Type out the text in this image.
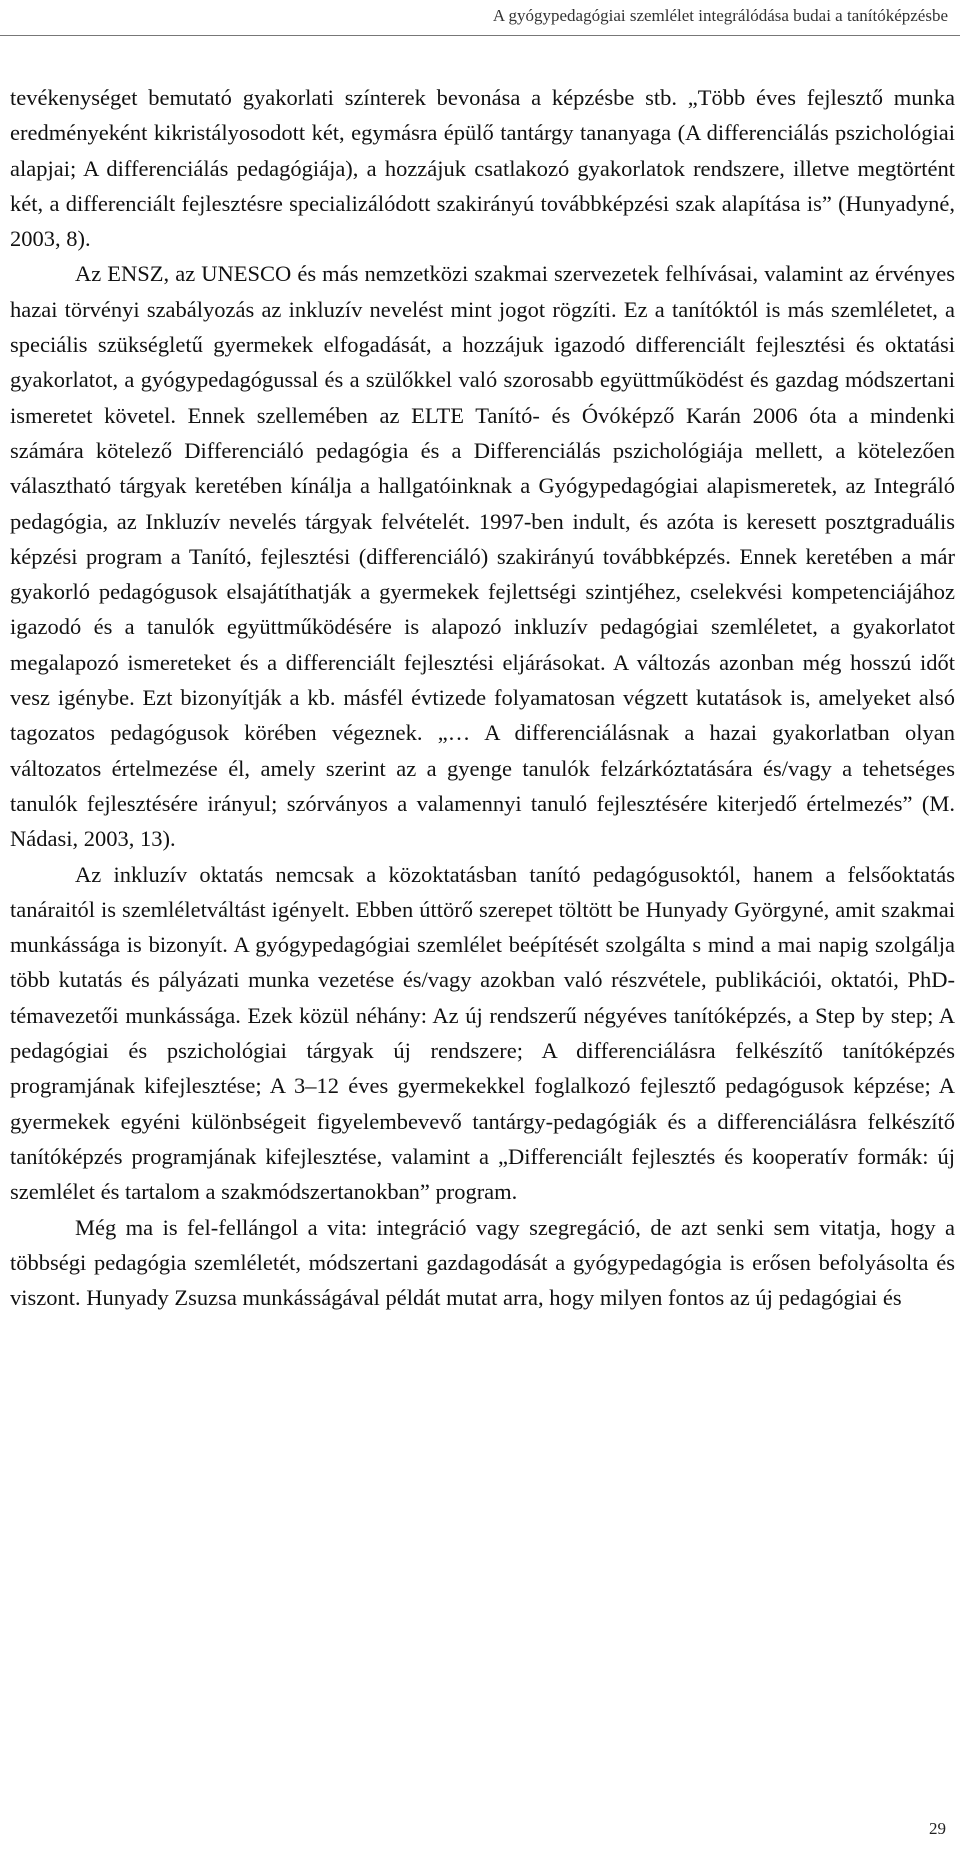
A gyógypedagógiai szemlélet integrálódása budai a tanítóképzésbe

tevékenységet bemutató gyakorlati színterek bevonása a képzésbe stb. „Több éves fejlesztő munka eredményeként kikristályosodott két, egymásra épülő tantárgy tananyaga (A differenciálás pszichológiai alapjai; A differenciálás pedagógiája), a hozzájuk csatlakozó gyakorlatok rendszere, illetve megtörtént két, a differenciált fejlesztésre specializálódott szakirányú továbbképzési szak alapítása is” (Hunyadyné, 2003, 8).

Az ENSZ, az UNESCO és más nemzetközi szakmai szervezetek felhívásai, valamint az érvényes hazai törvényi szabályozás az inkluzív nevelést mint jogot rögzíti. Ez a tanítóktól is más szemléletet, a speciális szükségletű gyermekek elfogadását, a hozzájuk igazodó differenciált fejlesztési és oktatási gyakorlatot, a gyógypedagógussal és a szülőkkel való szorosabb együttműködést és gazdag módszertani ismeretet követel. Ennek szellemében az ELTE Tanító- és Óvóképző Karán 2006 óta a mindenki számára kötelező Differenciáló pedagógia és a Differenciálás pszichológiája mellett, a kötelezően választható tárgyak keretében kínálja a hallgatóinknak a Gyógypedagógiai alapismeretek, az Integráló pedagógia, az Inkluzív nevelés tárgyak felvételét. 1997-ben indult, és azóta is keresett posztgraduális képzési program a Tanító, fejlesztési (differenciáló) szakirányú továbbképzés. Ennek keretében a már gyakorló pedagógusok elsajátíthatják a gyermekek fejlettségi szintjéhez, cselekvési kompetenciájához igazodó és a tanulók együttműködésére is alapozó inkluzív pedagógiai szemléletet, a gyakorlatot megalapozó ismereteket és a differenciált fejlesztési eljárásokat. A változás azonban még hosszú időt vesz igénybe. Ezt bizonyítják a kb. másfél évtizede folyamatosan végzett kutatások is, amelyeket alsó tagozatos pedagógusok körében végeznek. „… A differenciálásnak a hazai gyakorlatban olyan változatos értelmezése él, amely szerint az a gyenge tanulók felzárkóztatására és/vagy a tehetséges tanulók fejlesztésére irányul; szórványos a valamennyi tanuló fejlesztésére kiterjedő értelmezés” (M. Nádasi, 2003, 13).

Az inkluzív oktatás nemcsak a közoktatásban tanító pedagógusoktól, hanem a felsőoktatás tanáraitól is szemléletváltást igényelt. Ebben úttörő szerepet töltött be Hunyady Györgyné, amit szakmai munkássága is bizonyít. A gyógypedagógiai szemlélet beépítését szolgálta s mind a mai napig szolgálja több kutatás és pályázati munka vezetése és/vagy azokban való részvétele, publikációi, oktatói, PhD-témavezetői munkássága. Ezek közül néhány: Az új rendszerű négyéves tanítóképzés, a Step by step; A pedagógiai és pszichológiai tárgyak új rendszere; A differenciálásra felkészítő tanítóképzés programjának kifejlesztése; A 3–12 éves gyermekekkel foglalkozó fejlesztő pedagógusok képzése; A gyermekek egyéni különbségeit figyelembevevő tantárgy-pedagógiák és a differenciálásra felkészítő tanítóképzés programjának kifejlesztése, valamint a „Differenciált fejlesztés és kooperatív formák: új szemlélet és tartalom a szakmódszertanokban” program.

Még ma is fel-fellángol a vita: integráció vagy szegregáció, de azt senki sem vitatja, hogy a többségi pedagógia szemléletét, módszertani gazdagodását a gyógypedagógia is erősen befolyásolta és viszont. Hunyady Zsuzsa munkásságával példát mutat arra, hogy milyen fontos az új pedagógiai és

29
